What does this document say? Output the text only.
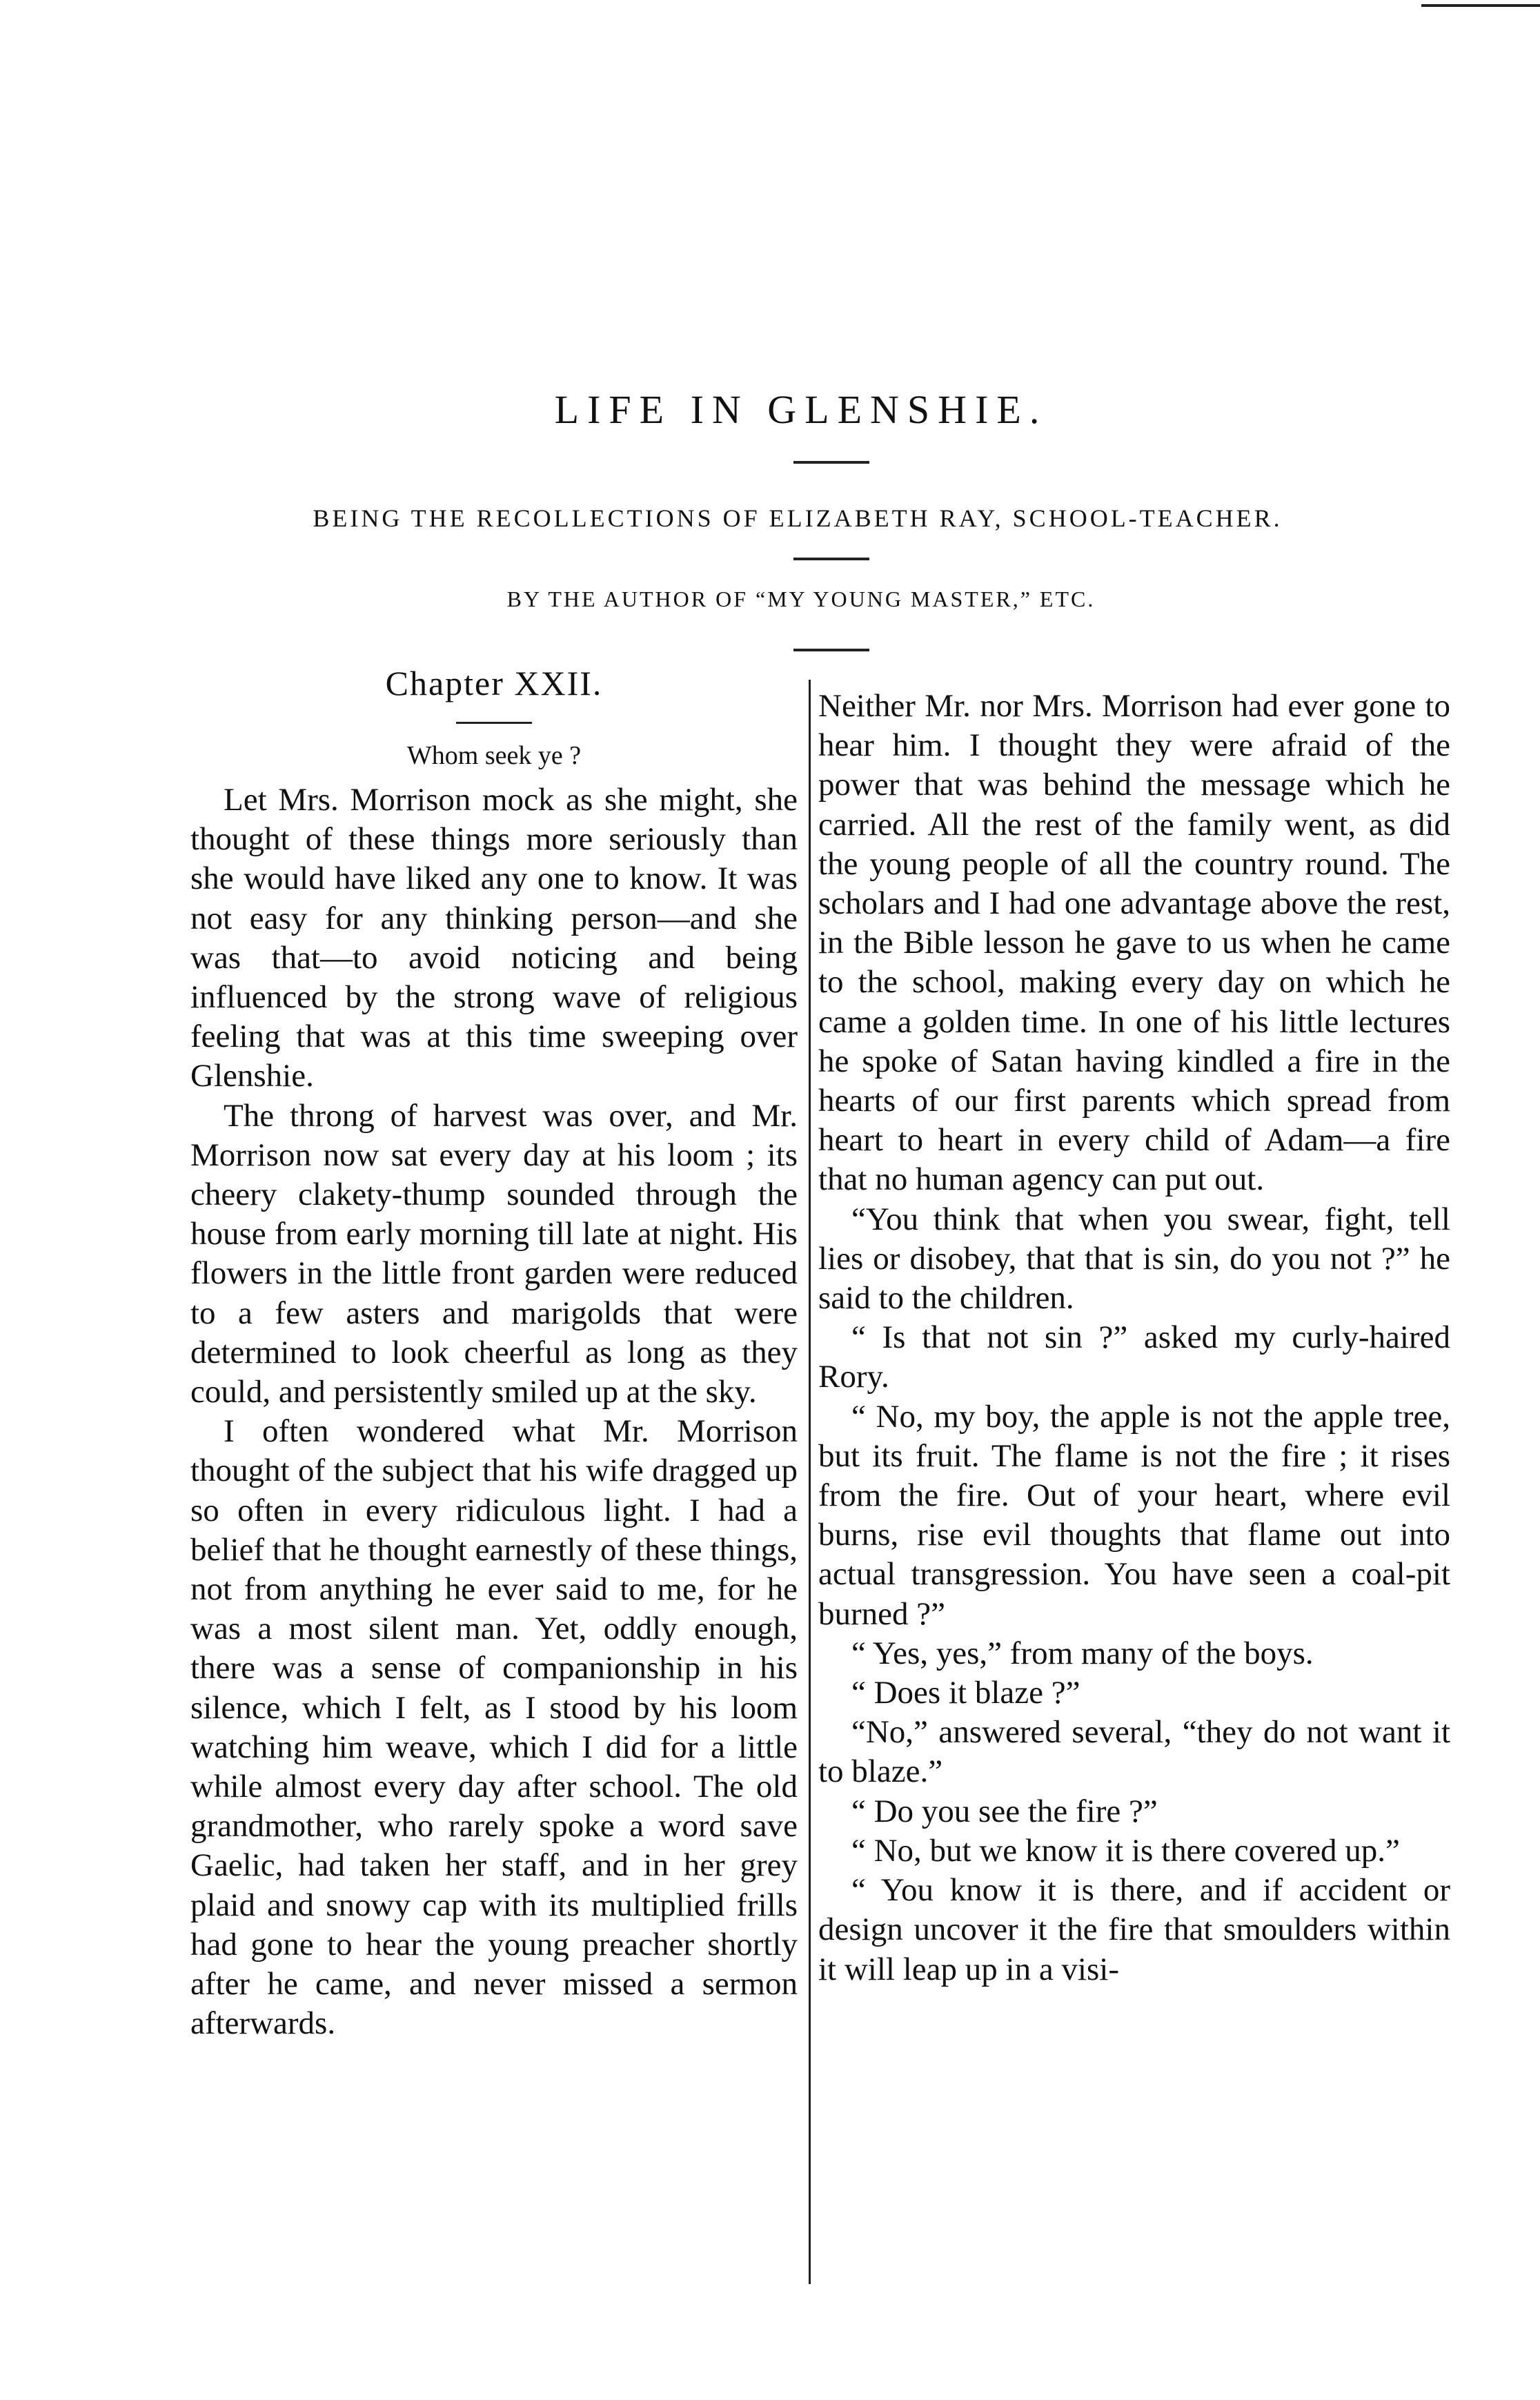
LIFE IN GLENSHIE.
BEING THE RECOLLECTIONS OF ELIZABETH RAY, SCHOOL-TEACHER.
BY THE AUTHOR OF “MY YOUNG MASTER,” ETC.
Chapter XXII.
Whom seek ye ?

Let Mrs. Morrison mock as she might, she thought of these things more seriously than she would have liked any one to know. It was not easy for any thinking person—and she was that—to avoid noticing and being influenced by the strong wave of religious feeling that was at this time sweeping over Glenshie.

The throng of harvest was over, and Mr. Morrison now sat every day at his loom ; its cheery clakety-thump sounded through the house from early morning till late at night. His flowers in the little front garden were reduced to a few asters and marigolds that were determined to look cheerful as long as they could, and persistently smiled up at the sky.

I often wondered what Mr. Morrison thought of the subject that his wife dragged up so often in every ridiculous light. I had a belief that he thought earnestly of these things, not from anything he ever said to me, for he was a most silent man. Yet, oddly enough, there was a sense of companionship in his silence, which I felt, as I stood by his loom watching him weave, which I did for a little while almost every day after school. The old grandmother, who rarely spoke a word save Gaelic, had taken her staff, and in her grey plaid and snowy cap with its multiplied frills had gone to hear the young preacher shortly after he came, and never missed a sermon afterwards.

Neither Mr. nor Mrs. Morrison had ever gone to hear him. I thought they were afraid of the power that was behind the message which he carried. All the rest of the family went, as did the young people of all the country round. The scholars and I had one advantage above the rest, in the Bible lesson he gave to us when he came to the school, making every day on which he came a golden time. In one of his little lectures he spoke of Satan having kindled a fire in the hearts of our first parents which spread from heart to heart in every child of Adam—a fire that no human agency can put out.

“You think that when you swear, fight, tell lies or disobey, that that is sin, do you not ?” he said to the children.

“ Is that not sin ?” asked my curly-haired Rory.

“ No, my boy, the apple is not the apple tree, but its fruit. The flame is not the fire ; it rises from the fire. Out of your heart, where evil burns, rise evil thoughts that flame out into actual transgression. You have seen a coal-pit burned ?”

“ Yes, yes,” from many of the boys.

“ Does it blaze ?”

“No,” answered several, “they do not want it to blaze.”

“ Do you see the fire ?”

“ No, but we know it is there covered up.”

“ You know it is there, and if accident or design uncover it the fire that smoulders within it will leap up in a visi-
